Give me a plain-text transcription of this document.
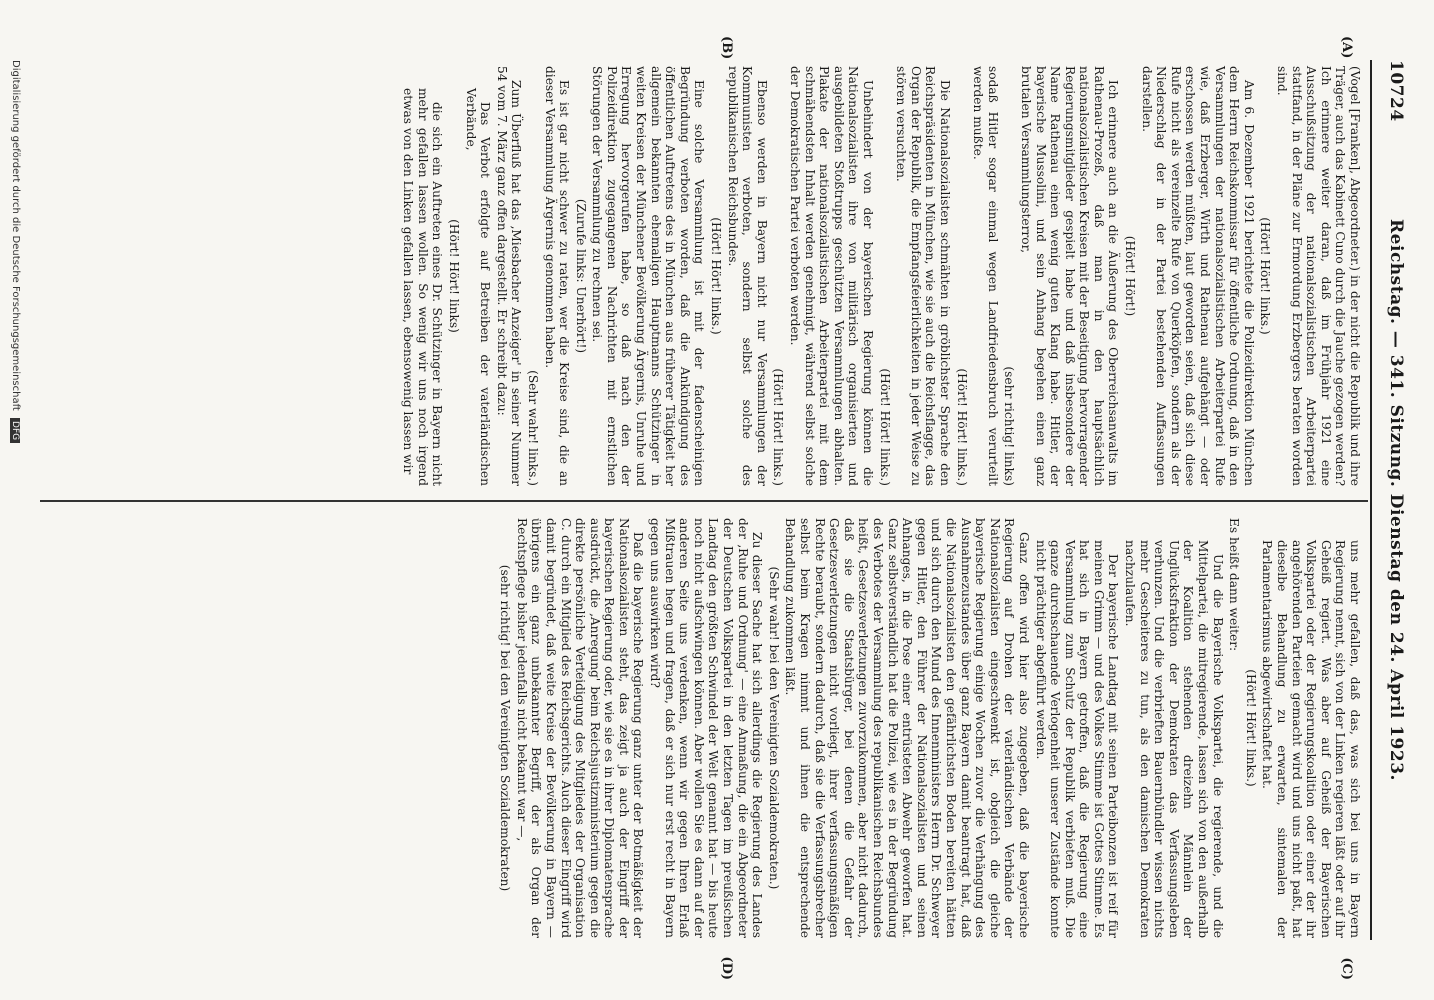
10724
Reichstag. — 341. Sitzung. Dienstag den 24. April 1923.
(A)
(B)
(C)
(D)

(Vogel [Franken], Abgeordneter.) in der nicht die Republik und ihre Träger, auch das Kabinett Cuno durch die Jauche gezogen werden? Ich erinnere weiter daran, daß im Frühjahr 1921 eine Ausschußsitzung der nationalsozialistischen Arbeiterpartei stattfand, in der Pläne zur Ermordung Erzbergers beraten worden sind.

(Hört! Hört! links.)

Am 6. Dezember 1921 berichtete die Polizeidirektion München dem Herrn Reichskommissar für öffentliche Ordnung, daß in den Versammlungen der nationalsozialistischen Arbeiterpartei Rufe wie, daß Erzberger, Wirth und Rathenau aufgehängt — oder erschossen werden müßten, laut geworden seien, daß sich diese Rufe nicht als vereinzelte Rufe von Querköpfen, sondern als der Niederschlag der in der Partei bestehenden Auffassungen darstellen.

(Hört! Hört!)

Ich erinnere auch an die Äußerung des Oberreichsanwalts im Rathenau-Prozeß, daß man in den hauptsächlich nationalsozialistischen Kreisen mit der Beseitigung hervorragender Regierungsmitglieder gespielt habe und daß insbesondere der Name Rathenau einen wenig guten Klang habe. Hitler, der bayerische Mussolini, und sein Anhang begehen einen ganz brutalen Versammlungsterror,

(sehr richtig! links)

sodaß Hitler sogar einmal wegen Landfriedensbruch verurteilt werden mußte.

(Hört! Hört! links.)

Die Nationalsozialisten schmähten in gröblichster Sprache den Reichspräsidenten in München, wie sie auch die Reichsflagge, das Organ der Republik, die Empfangsfeierlichkeiten in jeder Weise zu stören versuchten.

(Hört! Hört! links.)

Unbehindert von der bayerischen Regierung können die Nationalsozialisten ihre von militärisch organisierten und ausgebildeten Stoßtrupps geschützten Versammlungen abhalten. Plakate der nationalsozialistischen Arbeiterpartei mit dem schmähendsten Inhalt werden genehmigt, während selbst solche der Demokratischen Partei verboten werden.

(Hört! Hört! links.)

Ebenso werden in Bayern nicht nur Versammlungen der Kommunisten verboten, sondern selbst solche des republikanischen Reichsbundes.

(Hört! Hört! links.)

Eine solche Versammlung ist mit der fadenscheinigen Begründung verboten worden, daß die Ankündigung des öffentlichen Auftretens des in München aus früherer Tätigkeit her allgemein bekannten ehemaligen Hauptmanns Schützinger in weiten Kreisen der Münchener Bevölkerung Ärgernis, Unruhe und Erregung hervorgerufen habe, so daß nach den der Polizeidirektion zugegangenen Nachrichten mit ernstlichen Störungen der Versammlung zu rechnen sei.

(Zurufe links: Unerhört!)

Es ist gar nicht schwer zu raten, wer die Kreise sind, die an dieser Versammlung Ärgernis genommen haben.

(Sehr wahr! links.)

Zum Überfluß hat das ‚Miesbacher Anzeiger' in seiner Nummer 54 vom 7. März ganz offen dargestellt. Er schreibt dazu:

Das Verbot erfolgte auf Betreiben der vaterländischen Verbände,

(Hört! Hört! links)

die sich ein Auftreten eines Dr. Schützinger in Bayern nicht mehr gefallen lassen wollen. So wenig wir uns noch irgend etwas von den Linken gefallen lassen, ebensowenig lassen wir

uns mehr gefallen, daß das, was sich bei uns in Bayern Regierung nennt, sich von der Linken regieren läßt oder auf ihr Geheiß regiert. Was aber auf Geheiß der Bayerischen Volkspartei oder der Regierungskoalition oder einer der ihr angehörenden Parteien gemacht wird und uns nicht paßt, hat dieselbe Behandlung zu erwarten, sintemalen der Parlamentarismus abgewirtschaftet hat.

(Hört! Hört! links.)

Es heißt dann weiter:

Und die Bayerische Volkspartei, die regierende, und die Mittelpartei, die mitregierende, lassen sich von den außerhalb der Koalition stehenden dreizehn Männlein der Unglücksfraktion der Demokraten das Verfassungsleben verhunzen. Und die verbrieften Bauernbündler wissen nichts mehr Gescheiteres zu tun, als den damischen Demokraten nachzulaufen.

Der bayerische Landtag mit seinen Parteibonzen ist reif für meinen Grimm — und des Volkes Stimme ist Gottes Stimme. Es hat sich in Bayern getroffen, daß die Regierung eine Versammlung zum Schutz der Republik verbieten muß. Die ganze durchschauende Verlogenheit unserer Zustände konnte nicht prächtiger abgeführt werden.

Ganz offen wird hier also zugegeben, daß die bayerische Regierung auf Drohen der vaterländischen Verbände der Nationalsozialisten eingeschwenkt ist, obgleich die gleiche bayerische Regierung einige Wochen zuvor die Verhängung des Ausnahmezustandes über ganz Bayern damit beantragt hat, daß die Nationalsozialisten den gefährlichsten Boden bereiten hätten und sich durch den Mund des Innenministers Herrn Dr. Schweyer gegen Hitler, den Führer der Nationalsozialisten und seinen Anhanges, in die Pose einer entrüsteten Abwehr geworfen hat. Ganz selbstverständlich hat die Polizei, wie es in der Begründung des Verbotes der Versammlung des republikanischen Reichsbundes heißt, Gesetzesverletzungen zuvorzukommen, aber nicht dadurch, daß sie die Staatsbürger, bei denen die Gefahr der Gesetzesverletzungen nicht vorliegt, ihrer verfassungsmäßigen Rechte beraubt, sondern dadurch, daß sie die Verfassungsbrecher selbst beim Kragen nimmt und ihnen die entsprechende Behandlung zukommen läßt.

(Sehr wahr! bei den Vereinigten Sozialdemokraten.)

Zu dieser Sache hat sich allerdings die Regierung des Landes der ‚Ruhe und Ordnung' — eine Anmaßung, die ein Abgeordneter der Deutschen Volkspartei in den letzten Tagen im preußischen Landtag den größten Schwindel der Welt genannt hat — bis heute noch nicht aufschwingen können. Aber wollen Sie es dann auf der anderen Seite uns verdenken, wenn wir gegen Ihren Erlaß Mißtrauen hegen und fragen, daß er sich nur erst recht in Bayern gegen uns auswirken wird?

Daß die bayerische Regierung ganz unter der Botmäßigkeit der Nationalsozialisten steht, das zeigt ja auch der Eingriff der bayerischen Regierung oder, wie sie es in ihrer Diplomatensprache ausdrückt, die ‚Anregung' beim Reichsjustizministerium gegen die direkte persönliche Verteidigung des Mitgliedes der Organisation C. durch ein Mitglied des Reichsgerichts. Auch dieser Eingriff wird damit begründet, daß weite Kreise der Bevölkerung in Bayern — übrigens ein ganz unbekannter Begriff, der als Organ der Rechtspflege bisher jedenfalls nicht bekannt war —,

(sehr richtig! bei den Vereinigten Sozialdemokraten)

Digitalisierung gefördert durch die Deutsche Forschungsgemeinschaft DFG
